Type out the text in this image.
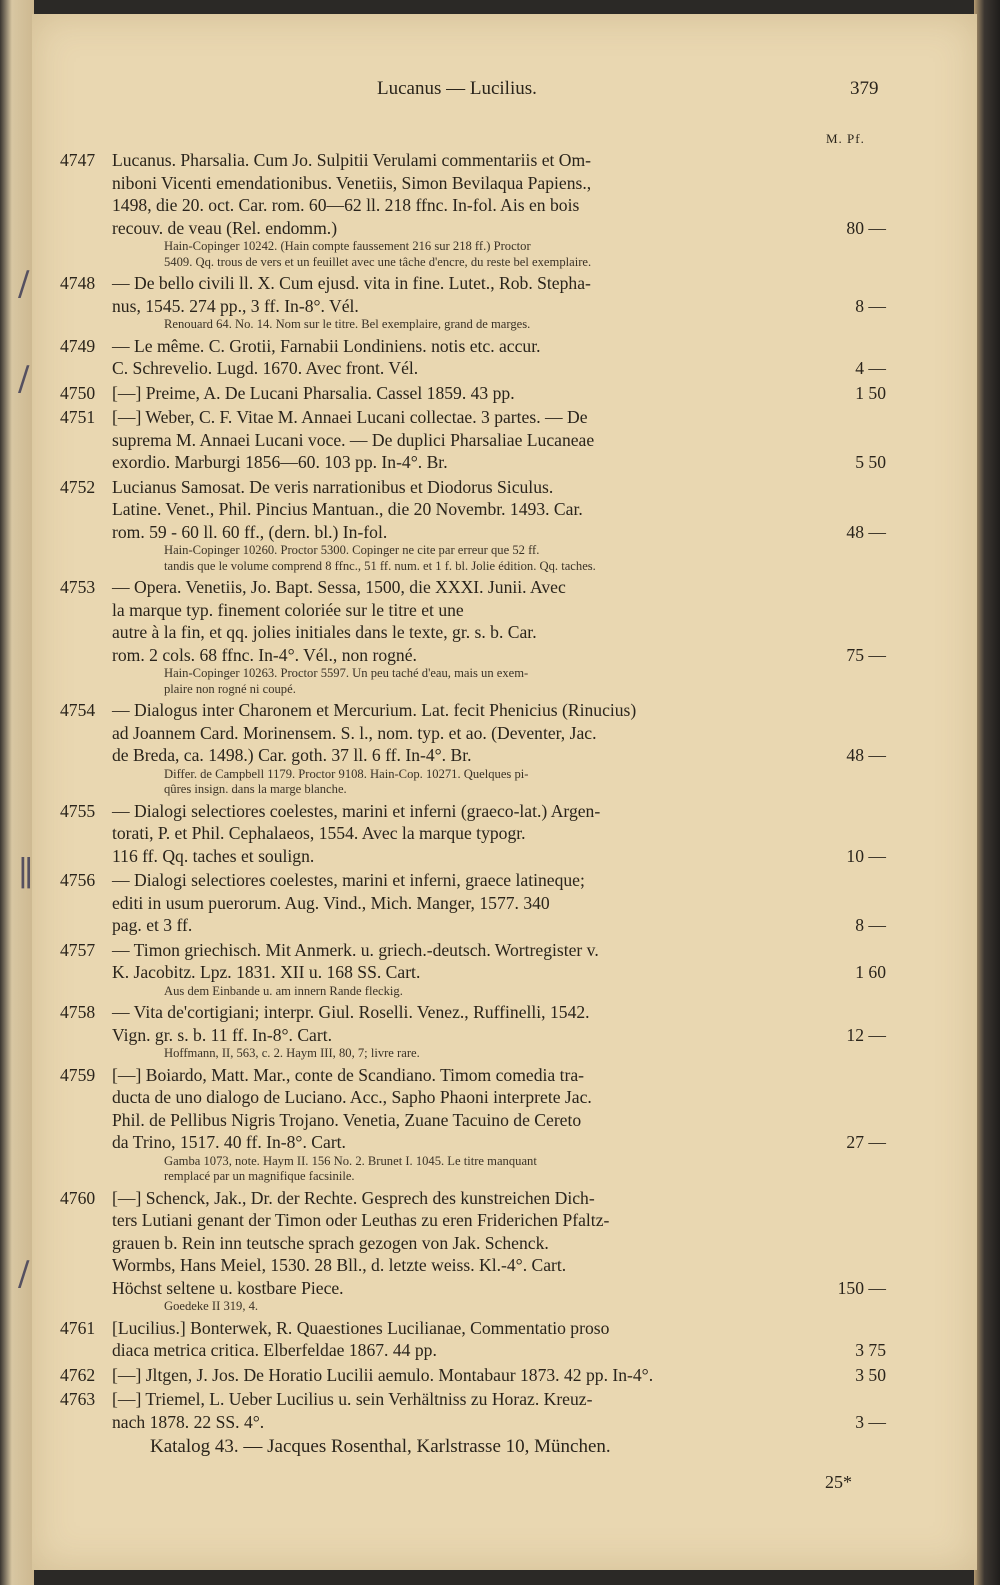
Lucanus — Lucilius.	379
M. Pf.
4747 Lucanus. Pharsalia. Cum Jo. Sulpitii Verulami commentariis et Om-
niboni Vicenti emendationibus. Venetiis, Simon Bevilaqua Papiens.,
1498, die 20. oct. Car. rom. 60—62 ll. 218 ffnc. In-fol. Ais en bois
recouv. de veau (Rel. endomm.)	80 —
Hain-Copinger 10242. (Hain compte faussement 216 sur 218 ff.) Proctor
5409. Qq. trous de vers et un feuillet avec une tâche d'encre, du reste bel exemplaire.
4748 — De bello civili ll. X. Cum ejusd. vita in fine. Lutet., Rob. Stepha-
nus, 1545. 274 pp., 3 ff. In-8°. Vél.	8 —
Renouard 64. No. 14. Nom sur le titre. Bel exemplaire, grand de marges.
4749 — Le même. C. Grotii, Farnabii Londiniens. notis etc. accur.
C. Schrevelio. Lugd. 1670. Avec front. Vél.	4 —
4750 [—] Preime, A. De Lucani Pharsalia. Cassel 1859. 43 pp.	1 50
4751 [—] Weber, C. F. Vitae M. Annaei Lucani collectae. 3 partes. — De
suprema M. Annaei Lucani voce. — De duplici Pharsaliae Lucaneae
exordio. Marburgi 1856—60. 103 pp. In-4°. Br.	5 50
4752 Lucianus Samosat. De veris narrationibus et Diodorus Siculus.
Latine. Venet., Phil. Pincius Mantuan., die 20 Novembr. 1493. Car.
rom. 59 - 60 ll. 60 ff., (dern. bl.) In-fol.	48 —
Hain-Copinger 10260. Proctor 5300. Copinger ne cite par erreur que 52 ff.
tandis que le volume comprend 8 ffnc., 51 ff. num. et 1 f. bl. Jolie édition. Qq. taches.
4753 — Opera. Venetiis, Jo. Bapt. Sessa, 1500, die XXXI. Junii. Avec
la marque typ. finement coloriée sur le titre et une
autre à la fin, et qq. jolies initiales dans le texte, gr. s. b. Car.
rom. 2 cols. 68 ffnc. In-4°. Vél., non rogné.	75 —
Hain-Copinger 10263. Proctor 5597. Un peu taché d'eau, mais un exem-
plaire non rogné ni coupé.
4754 — Dialogus inter Charonem et Mercurium. Lat. fecit Phenicius (Rinucius)
ad Joannem Card. Morinensem. S. l., nom. typ. et ao. (Deventer, Jac.
de Breda, ca. 1498.) Car. goth. 37 ll. 6 ff. In-4°. Br.	48 —
Differ. de Campbell 1179. Proctor 9108. Hain-Cop. 10271. Quelques pi-
qûres insign. dans la marge blanche.
4755 — Dialogi selectiores coelestes, marini et inferni (graeco-lat.) Argen-
torati, P. et Phil. Cephalaeos, 1554. Avec la marque typogr.
116 ff. Qq. taches et soulign.	10 —
4756 — Dialogi selectiores coelestes, marini et inferni, graece latineque;
editi in usum puerorum. Aug. Vind., Mich. Manger, 1577. 340
pag. et 3 ff.	8 —
4757 — Timon griechisch. Mit Anmerk. u. griech.-deutsch. Wortregister v.
K. Jacobitz. Lpz. 1831. XII u. 168 SS. Cart.	1 60
Aus dem Einbande u. am innern Rande fleckig.
4758 — Vita de'cortigiani; interpr. Giul. Roselli. Venez., Ruffinelli, 1542.
Vign. gr. s. b. 11 ff. In-8°. Cart.	12 —
Hoffmann, II, 563, c. 2. Haym III, 80, 7; livre rare.
4759 [—] Boiardo, Matt. Mar., conte de Scandiano. Timom comedia tra-
ducta de uno dialogo de Luciano. Acc., Sapho Phaoni interprete Jac.
Phil. de Pellibus Nigris Trojano. Venetia, Zuane Tacuino de Cereto
da Trino, 1517. 40 ff. In-8°. Cart.	27 —
Gamba 1073, note. Haym II. 156 No. 2. Brunet I. 1045. Le titre manquant
remplacé par un magnifique facsinile.
4760 [—] Schenck, Jak., Dr. der Rechte. Gesprech des kunstreichen Dich-
ters Lutiani genant der Timon oder Leuthas zu eren Friderichen Pfaltz-
grauen b. Rein inn teutsche sprach gezogen von Jak. Schenck.
Wormbs, Hans Meiel, 1530. 28 Bll., d. letzte weiss. Kl.-4°. Cart.
Höchst seltene u. kostbare Piece.	150 —
Goedeke II 319, 4.
4761 [Lucilius.] Bonterwek, R. Quaestiones Lucilianae, Commentatio proso
diaca metrica critica. Elberfeldae 1867. 44 pp.	3 75
4762 [—] Jltgen, J. Jos. De Horatio Lucilii aemulo. Montabaur 1873. 42 pp. In-4°.	3 50
4763 [—] Triemel, L. Ueber Lucilius u. sein Verhältniss zu Horaz. Kreuz-
nach 1878. 22 SS. 4°.	3 —
Katalog 43. — Jacques Rosenthal, Karlstrasse 10, München.
25*
/
/
∥
/
